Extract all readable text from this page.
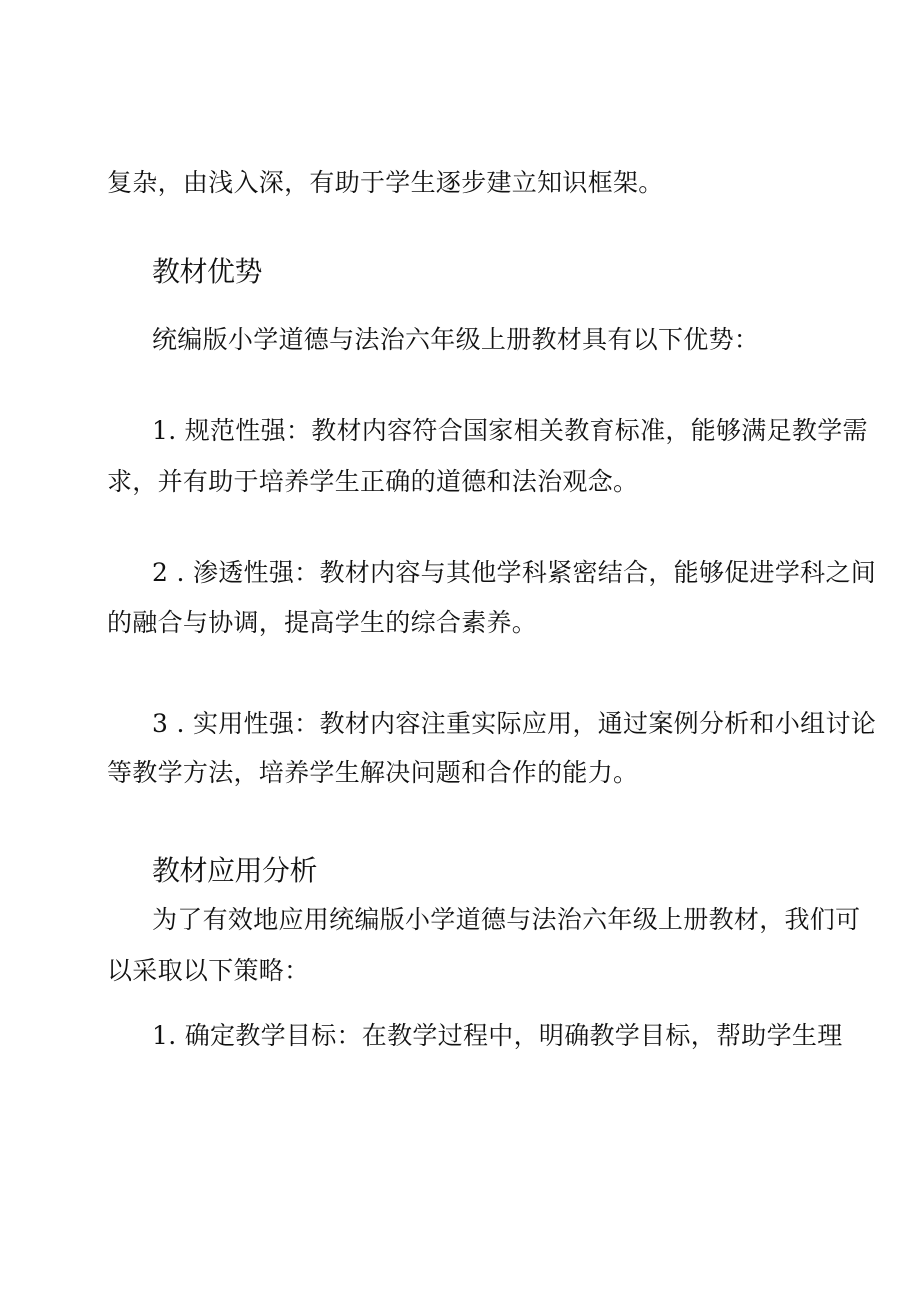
复杂，由浅入深，有助于学生逐步建立知识框架。
教材优势
统编版小学道德与法治六年级上册教材具有以下优势：
1. 规范性强：教材内容符合国家相关教育标准，能够满足教学需
求，并有助于培养学生正确的道德和法治观念。
2 . 渗透性强：教材内容与其他学科紧密结合，能够促进学科之间
的融合与协调，提高学生的综合素养。
3 . 实用性强：教材内容注重实际应用，通过案例分析和小组讨论
等教学方法，培养学生解决问题和合作的能力。
教材应用分析
为了有效地应用统编版小学道德与法治六年级上册教材，我们可
以采取以下策略：
1. 确定教学目标：在教学过程中，明确教学目标，帮助学生理
